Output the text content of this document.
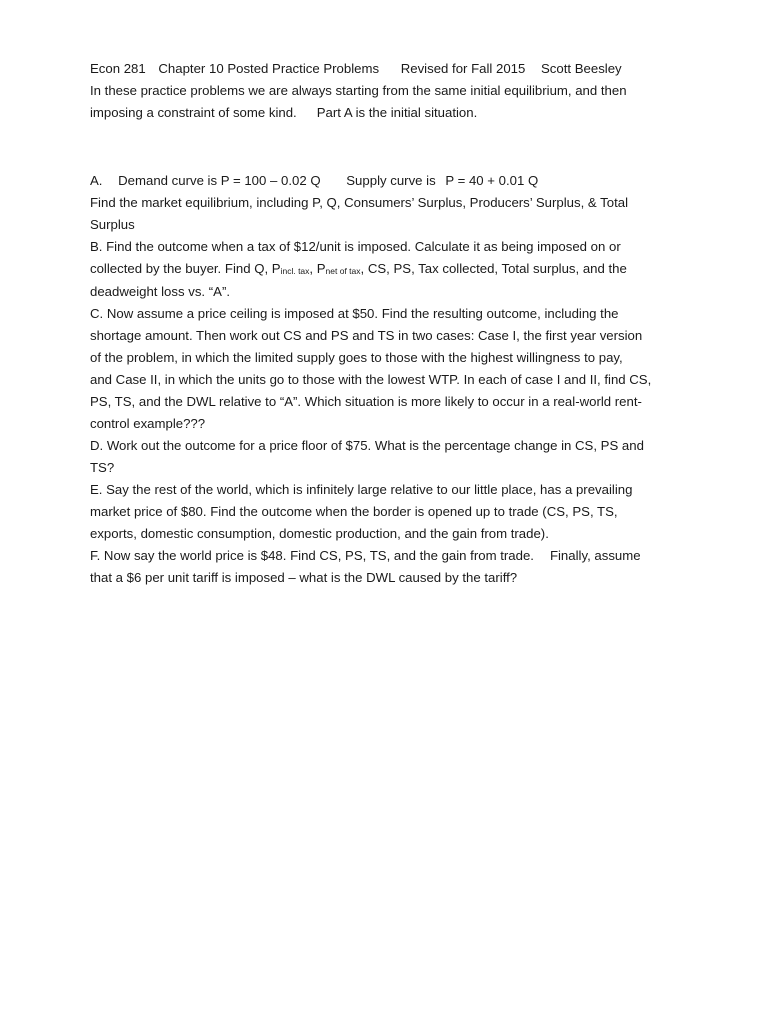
Econ 281 Chapter 10 Posted Practice Problems Revised for Fall 2015 Scott Beesley

In these practice problems we are always starting from the same initial equilibrium, and then
imposing a constraint of some kind. Part A is the initial situation.

A. Demand curve is P = 100 – 0.02 Q Supply curve is P = 40 + 0.01 Q

Find the market equilibrium, including P, Q, Consumers’ Surplus, Producers’ Surplus, & Total
Surplus

B. Find the outcome when a tax of $12/unit is imposed. Calculate it as being imposed on or
collected by the buyer. Find Q, $P_{incl. tax}$, $P_{net of tax}$, CS, PS, Tax collected, Total surplus, and the
deadweight loss vs. “A”.

C. Now assume a price ceiling is imposed at $50. Find the resulting outcome, including the
shortage amount. Then work out CS and PS and TS in two cases: Case I, the first year version
of the problem, in which the limited supply goes to those with the highest willingness to pay,
and Case II, in which the units go to those with the lowest WTP. In each of case I and II, find CS,
PS, TS, and the DWL relative to “A”. Which situation is more likely to occur in a real-world rent-
control example???

D. Work out the outcome for a price floor of $75. What is the percentage change in CS, PS and
TS?

E. Say the rest of the world, which is infinitely large relative to our little place, has a prevailing
market price of $80. Find the outcome when the border is opened up to trade (CS, PS, TS,
exports, domestic consumption, domestic production, and the gain from trade).

F. Now say the world price is $48. Find CS, PS, TS, and the gain from trade. Finally, assume
that a $6 per unit tariff is imposed – what is the DWL caused by the tariff?
